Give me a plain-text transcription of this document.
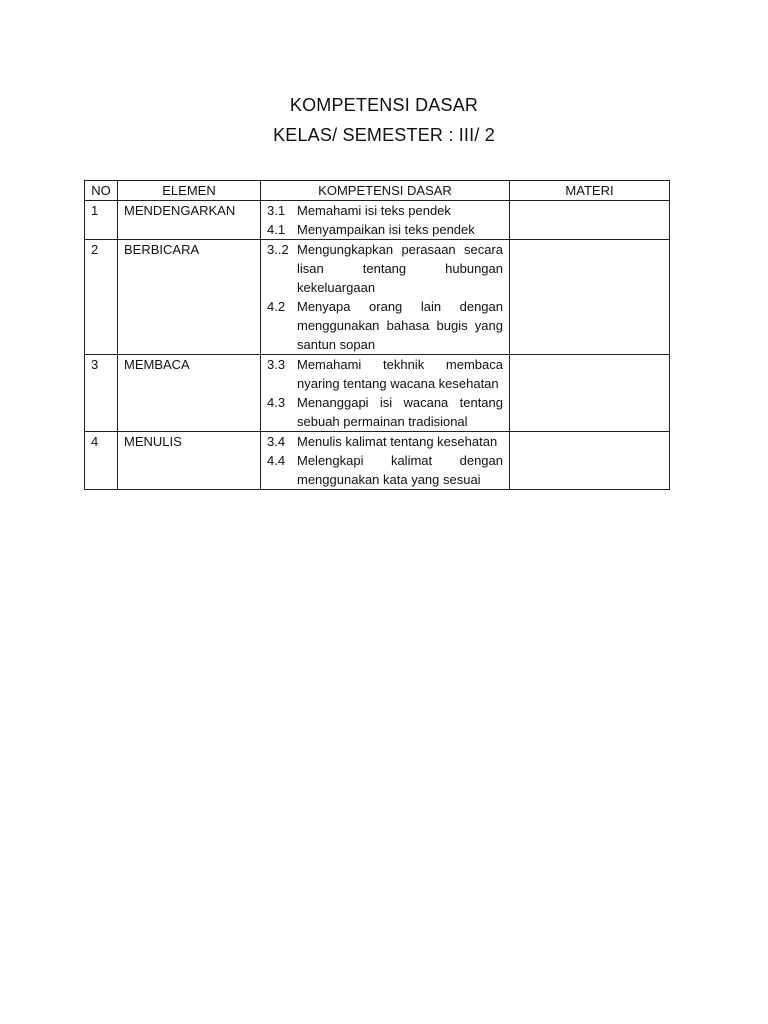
KOMPETENSI DASAR
KELAS/ SEMESTER : III/ 2
NO	ELEMEN	KOMPETENSI DASAR	MATERI
1	MENDENGARKAN	3.1 Memahami isi teks pendek
4.1 Menyampaikan isi teks pendek	

2	BERBICARA	3..2 Mengungkapkan perasaan secara lisan tentang hubungan kekeluargaan
4.2 Menyapa orang lain dengan menggunakan bahasa bugis yang santun sopan	

3	MEMBACA	3.3 Memahami tekhnik membaca nyaring tentang wacana kesehatan
4.3 Menanggapi isi wacana tentang sebuah permainan tradisional	

4	MENULIS	3.4 Menulis kalimat tentang kesehatan
4.4 Melengkapi kalimat dengan menggunakan kata yang sesuai	
